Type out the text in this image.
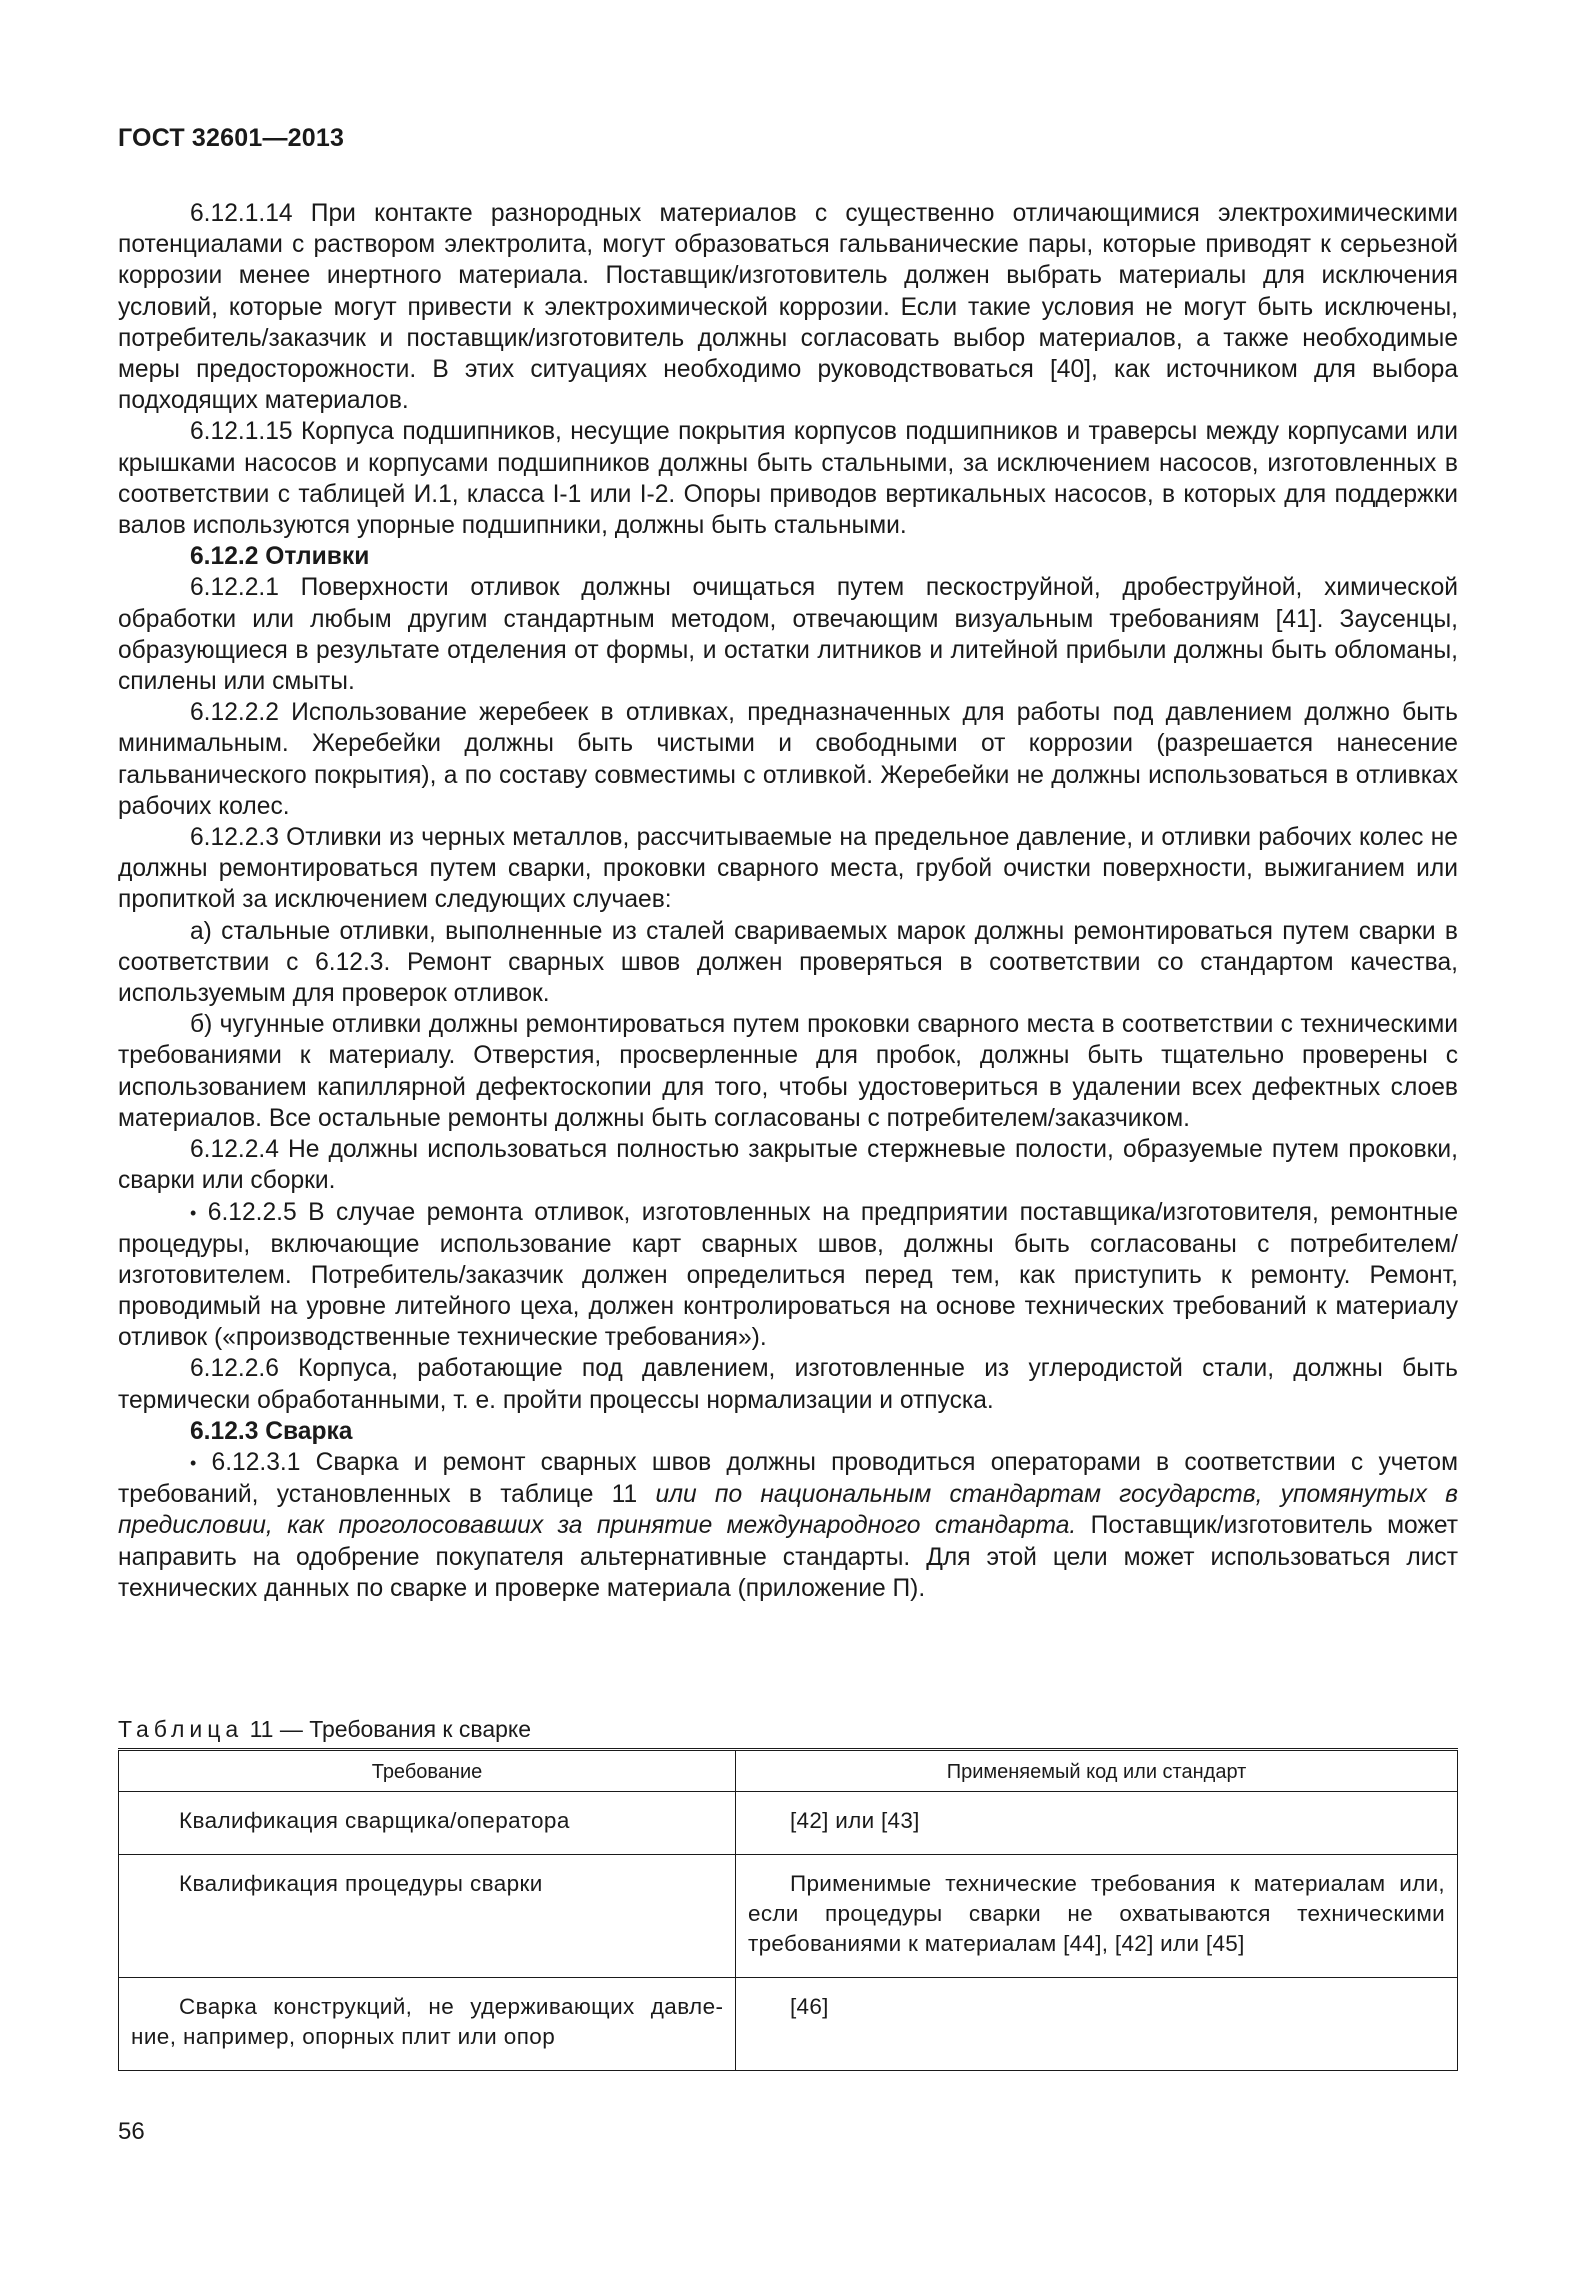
ГОСТ 32601—2013

6.12.1.14 При контакте разнородных материалов с существенно отличающимися электрохимическими потенциалами с раствором электролита, могут образоваться гальванические пары, которые приводят к серьезной коррозии менее инертного материала. Поставщик/изготовитель должен выбрать материалы для исключения условий, которые могут привести к электрохимической коррозии. Если такие условия не могут быть исключены, потребитель/заказчик и поставщик/изготовитель должны согласовать выбор материалов, а также необходимые меры предосторожности. В этих ситуациях необходимо руководствоваться [40], как источником для выбора подходящих материалов.

6.12.1.15 Корпуса подшипников, несущие покрытия корпусов подшипников и траверсы между корпусами или крышками насосов и корпусами подшипников должны быть стальными, за исключением насосов, изготовленных в соответствии с таблицей И.1, класса I-1 или I-2. Опоры приводов вертикальных насосов, в которых для поддержки валов используются упорные подшипники, должны быть стальными.

6.12.2 Отливки

6.12.2.1 Поверхности отливок должны очищаться путем пескоструйной, дробеструйной, химической обработки или любым другим стандартным методом, отвечающим визуальным требованиям [41]. Заусенцы, образующиеся в результате отделения от формы, и остатки литников и литейной прибыли должны быть обломаны, спилены или смыты.

6.12.2.2 Использование жеребеек в отливках, предназначенных для работы под давлением должно быть минимальным. Жеребейки должны быть чистыми и свободными от коррозии (разрешается нанесение гальванического покрытия), а по составу совместимы с отливкой. Жеребейки не должны использоваться в отливках рабочих колес.

6.12.2.3 Отливки из черных металлов, рассчитываемые на предельное давление, и отливки рабочих колес не должны ремонтироваться путем сварки, проковки сварного места, грубой очистки поверхности, выжиганием или пропиткой за исключением следующих случаев:

а) стальные отливки, выполненные из сталей свариваемых марок должны ремонтироваться путем сварки в соответствии с 6.12.3. Ремонт сварных швов должен проверяться в соответствии со стандартом качества, используемым для проверок отливок.

б) чугунные отливки должны ремонтироваться путем проковки сварного места в соответствии с техническими требованиями к материалу. Отверстия, просверленные для пробок, должны быть тщательно проверены с использованием капиллярной дефектоскопии для того, чтобы удостовериться в удалении всех дефектных слоев материалов. Все остальные ремонты должны быть согласованы с потребителем/заказчиком.

6.12.2.4 Не должны использоваться полностью закрытые стержневые полости, образуемые путем проковки, сварки или сборки.

• 6.12.2.5 В случае ремонта отливок, изготовленных на предприятии поставщика/изготовителя, ремонтные процедуры, включающие использование карт сварных швов, должны быть согласованы с потребителем/изготовителем. Потребитель/заказчик должен определиться перед тем, как приступить к ремонту. Ремонт, проводимый на уровне литейного цеха, должен контролироваться на основе технических требований к материалу отливок («производственные технические требования»).

6.12.2.6 Корпуса, работающие под давлением, изготовленные из углеродистой стали, должны быть термически обработанными, т. е. пройти процессы нормализации и отпуска.

6.12.3 Сварка

• 6.12.3.1 Сварка и ремонт сварных швов должны проводиться операторами в соответствии с учетом требований, установленных в таблице 11 или по национальным стандартам государств, упомянутых в предисловии, как проголосовавших за принятие международного стандарта. Поставщик/изготовитель может направить на одобрение покупателя альтернативные стандарты. Для этой цели может использоваться лист технических данных по сварке и проверке материала (приложение П).

Таблица 11 — Требования к сварке
Требование	Применяемый код или стандарт
Квалификация сварщика/оператора	[42] или [43]
Квалификация процедуры сварки	Применимые технические требования к материалам или, если процедуры сварки не охватываются техническими требованиями к материалам [44], [42] или [45]
Сварка конструкций, не удерживающих давление, например, опорных плит или опор	[46]
56
